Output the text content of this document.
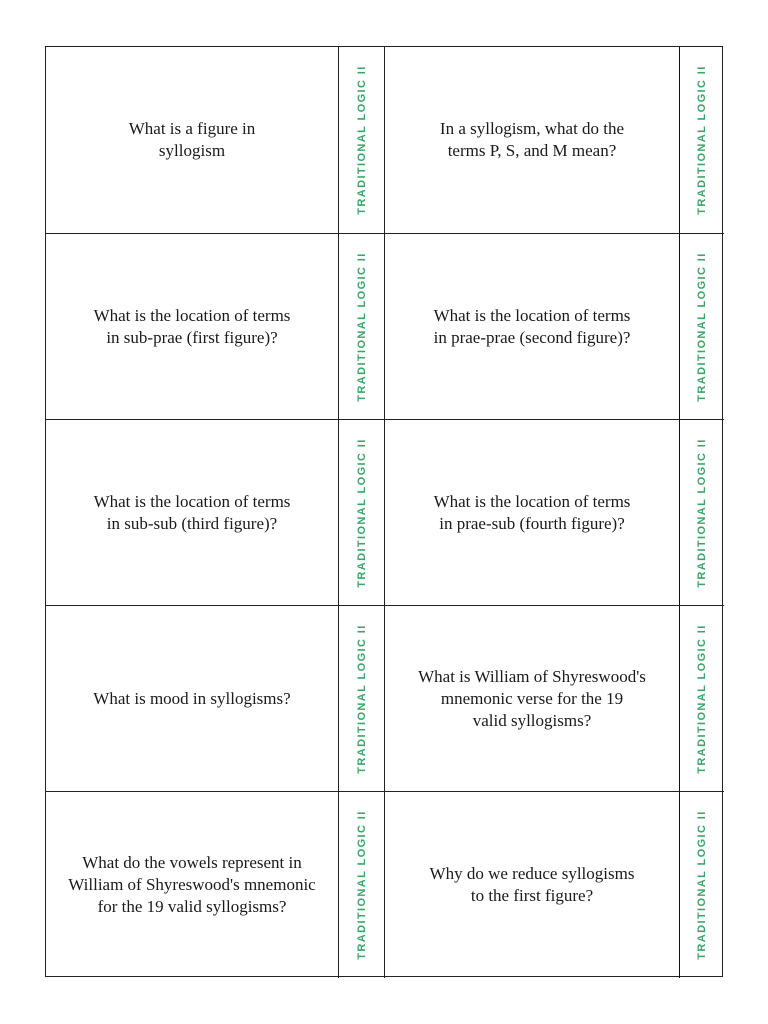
What is a figure in
syllogism	TRADITIONAL LOGIC II	In a syllogism, what do the
terms P, S, and M mean?	TRADITIONAL LOGIC II
What is the location of terms
in sub-prae (first figure)?	TRADITIONAL LOGIC II	What is the location of terms
in prae-prae (second figure)?	TRADITIONAL LOGIC II
What is the location of terms
in sub-sub (third figure)?	TRADITIONAL LOGIC II	What is the location of terms
in prae-sub (fourth figure)?	TRADITIONAL LOGIC II
What is mood in syllogisms?	TRADITIONAL LOGIC II	What is William of Shyreswood's
mnemonic verse for the 19
valid syllogisms?	TRADITIONAL LOGIC II
What do the vowels represent in
William of Shyreswood's mnemonic
for the 19 valid syllogisms?	TRADITIONAL LOGIC II	Why do we reduce syllogisms
to the first figure?	TRADITIONAL LOGIC II
